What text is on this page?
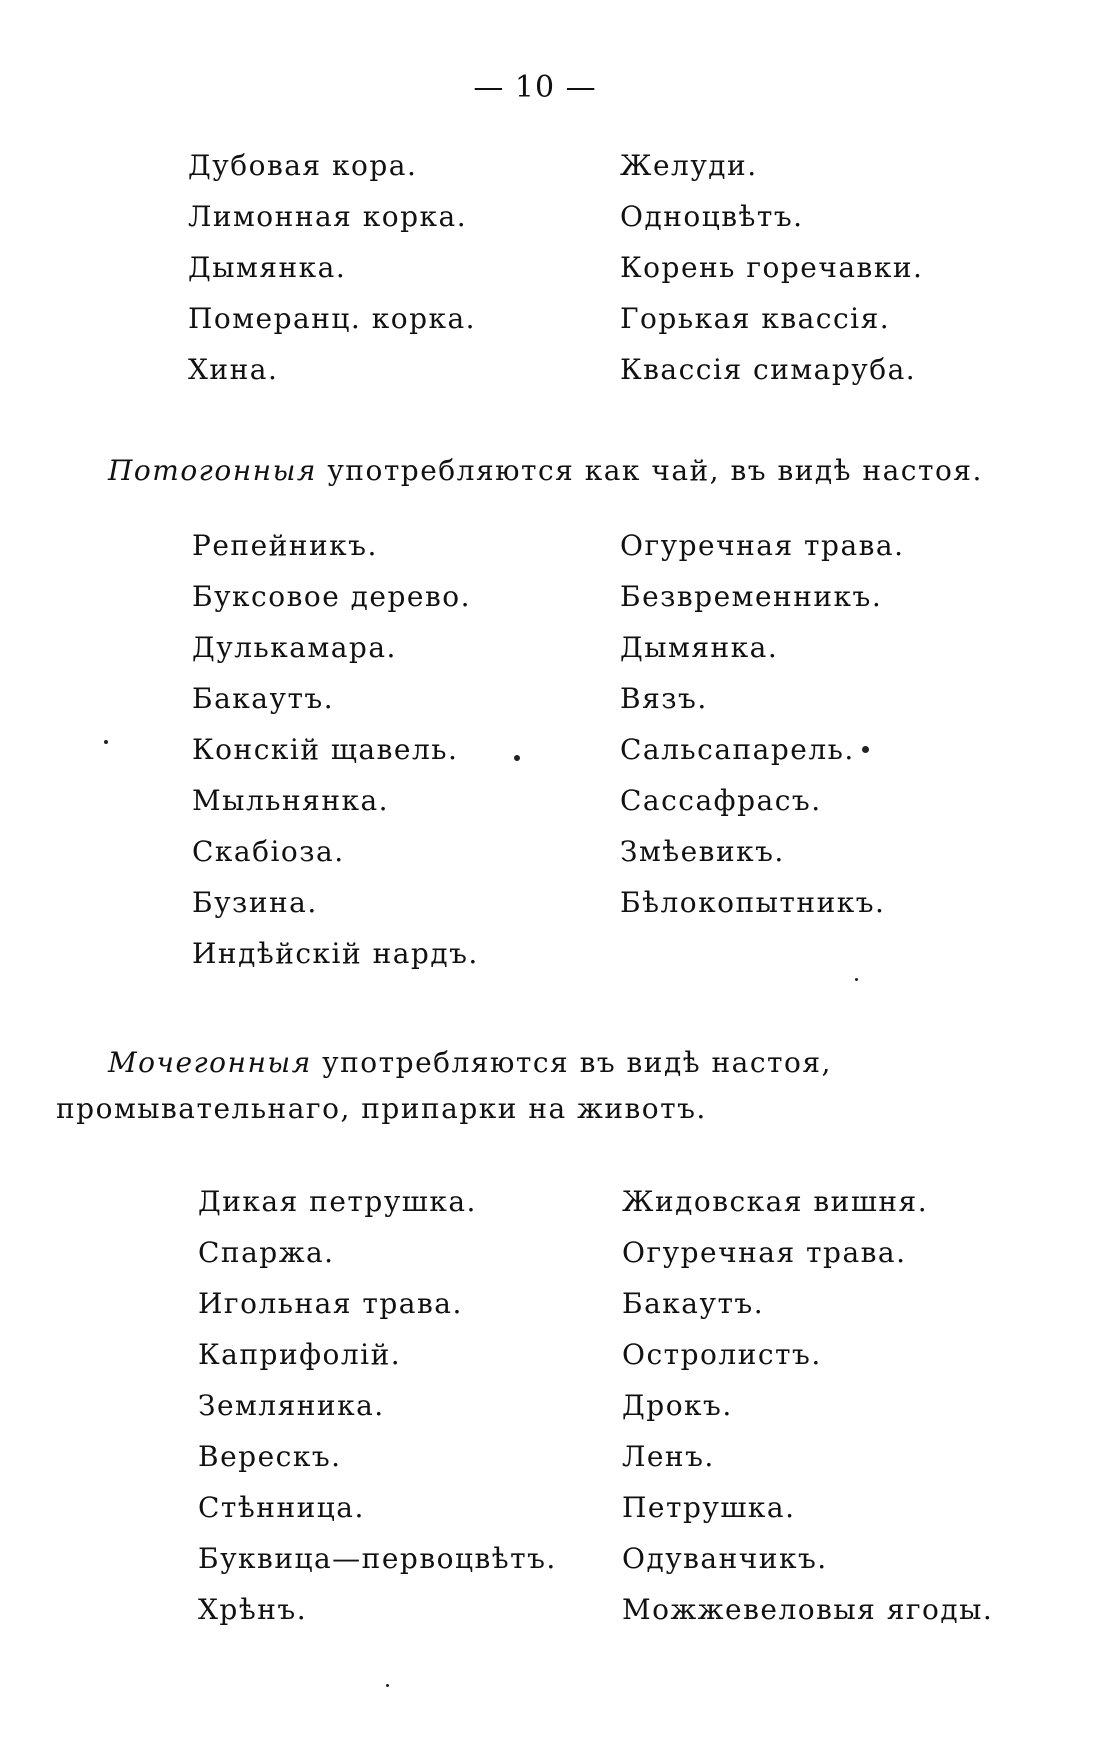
— 10 —
Дубовая кора.
Лимонная корка.
Дымянка.
Померанц. корка.
Хина.
Желуди.
Одноцвѣтъ.
Корень горечавки.
Горькая квассія.
Квассія симаруба.
Потогонныя употребляются как чай, въ видѣ настоя.
Репейникъ.
Буксовое дерево.
Дулькамара.
Бакаутъ.
Конскій щавель.
Мыльнянка.
Скабіоза.
Бузина.
Индѣйскій нардъ.
Огуречная трава.
Безвременникъ.
Дымянка.
Вязъ.
Сальсапарель.
Сассафрасъ.
Змѣевикъ.
Бѣлокопытникъ.
Мочегонныя употребляются въ видѣ настоя, промывательнаго, припарки на животъ.
Дикая петрушка.
Спаржа.
Игольная трава.
Каприфолій.
Земляника.
Верескъ.
Стѣнница.
Буквица—первоцвѣтъ.
Хрѣнъ.
Жидовская вишня.
Огуречная трава.
Бакаутъ.
Остролистъ.
Дрокъ.
Ленъ.
Петрушка.
Одуванчикъ.
Можжевеловыя ягоды.
